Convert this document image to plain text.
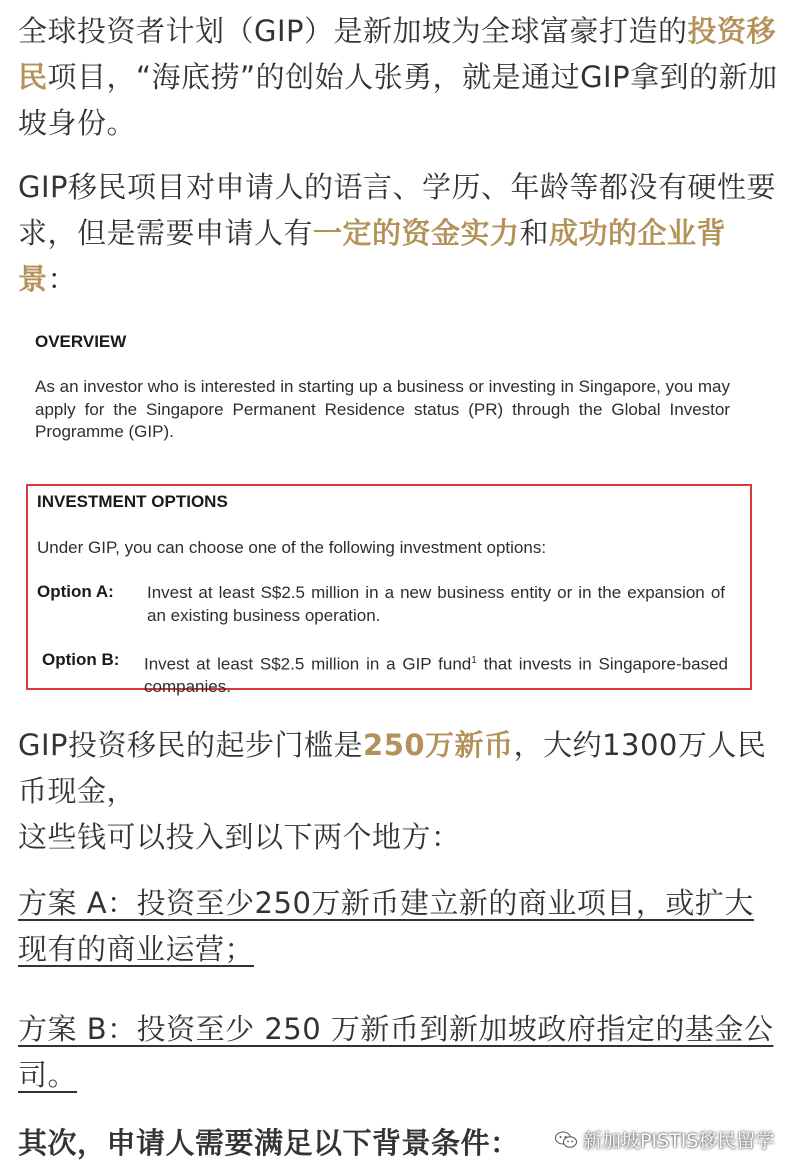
全球投资者计划（GIP）是新加坡为全球富豪打造的投资移民项目，“海底捞”的创始人张勇，就是通过GIP拿到的新加坡身份。

GIP移民项目对申请人的语言、学历、年龄等都没有硬性要求，但是需要申请人有一定的资金实力和成功的企业背景：

OVERVIEW

As an investor who is interested in starting up a business or investing in Singapore, you may apply for the Singapore Permanent Residence status (PR) through the Global Investor Programme (GIP).

INVESTMENT OPTIONS
Under GIP, you can choose one of the following investment options:
Option A: Invest at least S$2.5 million in a new business entity or in the expansion of an existing business operation.

Option B: Invest at least S$2.5 million in a GIP fund$^1$ that invests in Singapore-based companies.

GIP投资移民的起步门槛是250万新币，大约1300万人民币现金，
这些钱可以投入到以下两个地方：

方案 A：投资至少250万新币建立新的商业项目，或扩大现有的商业运营；

方案 B：投资至少 250 万新币到新加坡政府指定的基金公司。

其次，申请人需要满足以下背景条件：	新加坡PISTIS移民留学
